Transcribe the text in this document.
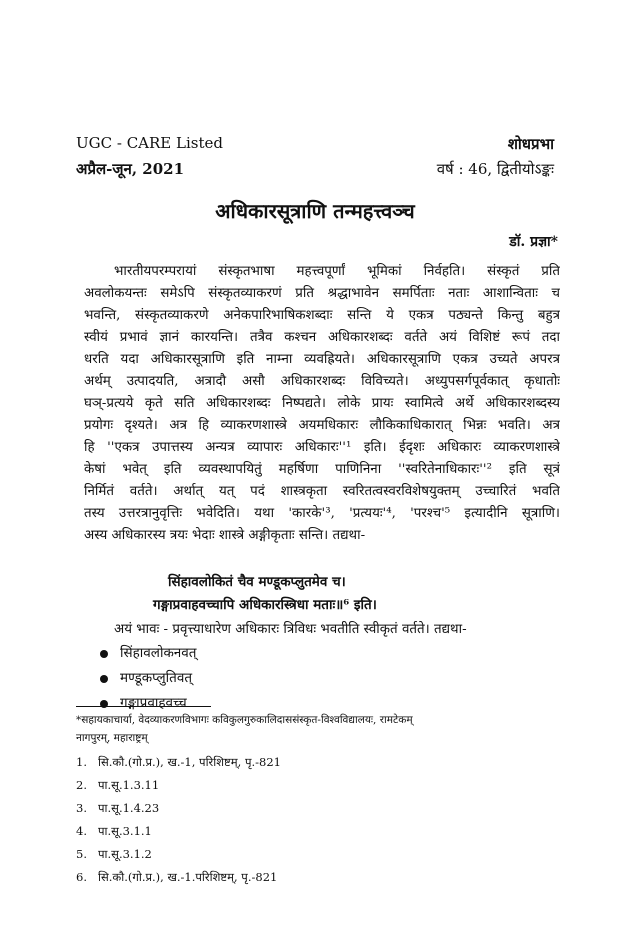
UGC - CARE Listed	शोधप्रभा
अप्रैल-जून, 2021	वर्ष : 46, द्वितीयोऽङ्कः
अधिकारसूत्राणि तन्महत्त्वञ्च
डॉ. प्रज्ञा*
भारतीयपरम्परायां संस्कृतभाषा महत्त्वपूर्णां भूमिकां निर्वहति। संस्कृतं प्रति
अवलोकयन्तः समेऽपि संस्कृतव्याकरणं प्रति श्रद्धाभावेन समर्पिताः नताः आशान्विताः च
भवन्ति, संस्कृतव्याकरणे अनेकपारिभाषिकशब्दाः सन्ति ये एकत्र पठ्यन्ते किन्तु बहुत्र
स्वीयं प्रभावं ज्ञानं कारयन्ति। तत्रैव कश्चन अधिकारशब्दः वर्तते अयं विशिष्टं रूपं तदा
धरति यदा अधिकारसूत्राणि इति नाम्ना व्यवह्रियते। अधिकारसूत्राणि एकत्र उच्यते अपरत्र
अर्थम् उत्पादयति, अत्रादौ असौ अधिकारशब्दः विविच्यते। अध्युपसर्गपूर्वकात् कृधातोः
घञ्-प्रत्यये कृते सति अधिकारशब्दः निष्पद्यते। लोके प्रायः स्वामित्वे अर्थे अधिकारशब्दस्य
प्रयोगः दृश्यते। अत्र हि व्याकरणशास्त्रे अयमधिकारः लौकिकाधिकारात् भिन्नः भवति। अत्र
हि ''एकत्र उपात्तस्य अन्यत्र व्यापारः अधिकारः''¹ इति। ईदृशः अधिकारः व्याकरणशास्त्रे
केषां भवेत् इति व्यवस्थापयितुं महर्षिणा पाणिनिना ''स्वरितेनाधिकारः''² इति सूत्रं
निर्मितं वर्तते। अर्थात् यत् पदं शास्त्रकृता स्वरितत्वस्वरविशेषयुक्तम् उच्चारितं भवति
तस्य उत्तरत्रानुवृत्तिः भवेदिति। यथा 'कारके'³, 'प्रत्ययः'⁴, 'परश्च'⁵ इत्यादीनि सूत्राणि।
अस्य अधिकारस्य त्रयः भेदाः शास्त्रे अङ्गीकृताः सन्ति। तद्यथा-
सिंहावलोकितं चैव मण्डूकप्लुतमेव च।
गङ्गाप्रवाहवच्चापि अधिकारस्त्रिधा मताः॥⁶ इति।
अयं भावः - प्रवृत्त्याधारेण अधिकारः त्रिविधः भवतीति स्वीकृतं वर्तते। तद्यथा-
सिंहावलोकनवत्
मण्डूकप्लुतिवत्
गङ्गाप्रवाहवच्च
*सहायकाचार्या, वेदव्याकरणविभागः कविकुलगुरुकालिदाससंस्कृत-विश्वविद्यालयः, रामटेकम्
नागपुरम्, महाराष्ट्रम्
1. सि.कौ.(गो.प्र.), ख.-1, परिशिष्टम्, पृ.-821
2. पा.सू.1.3.11
3. पा.सू.1.4.23
4. पा.सू.3.1.1
5. पा.सू.3.1.2
6. सि.कौ.(गो.प्र.), ख.-1.परिशिष्टम्, पृ.-821
